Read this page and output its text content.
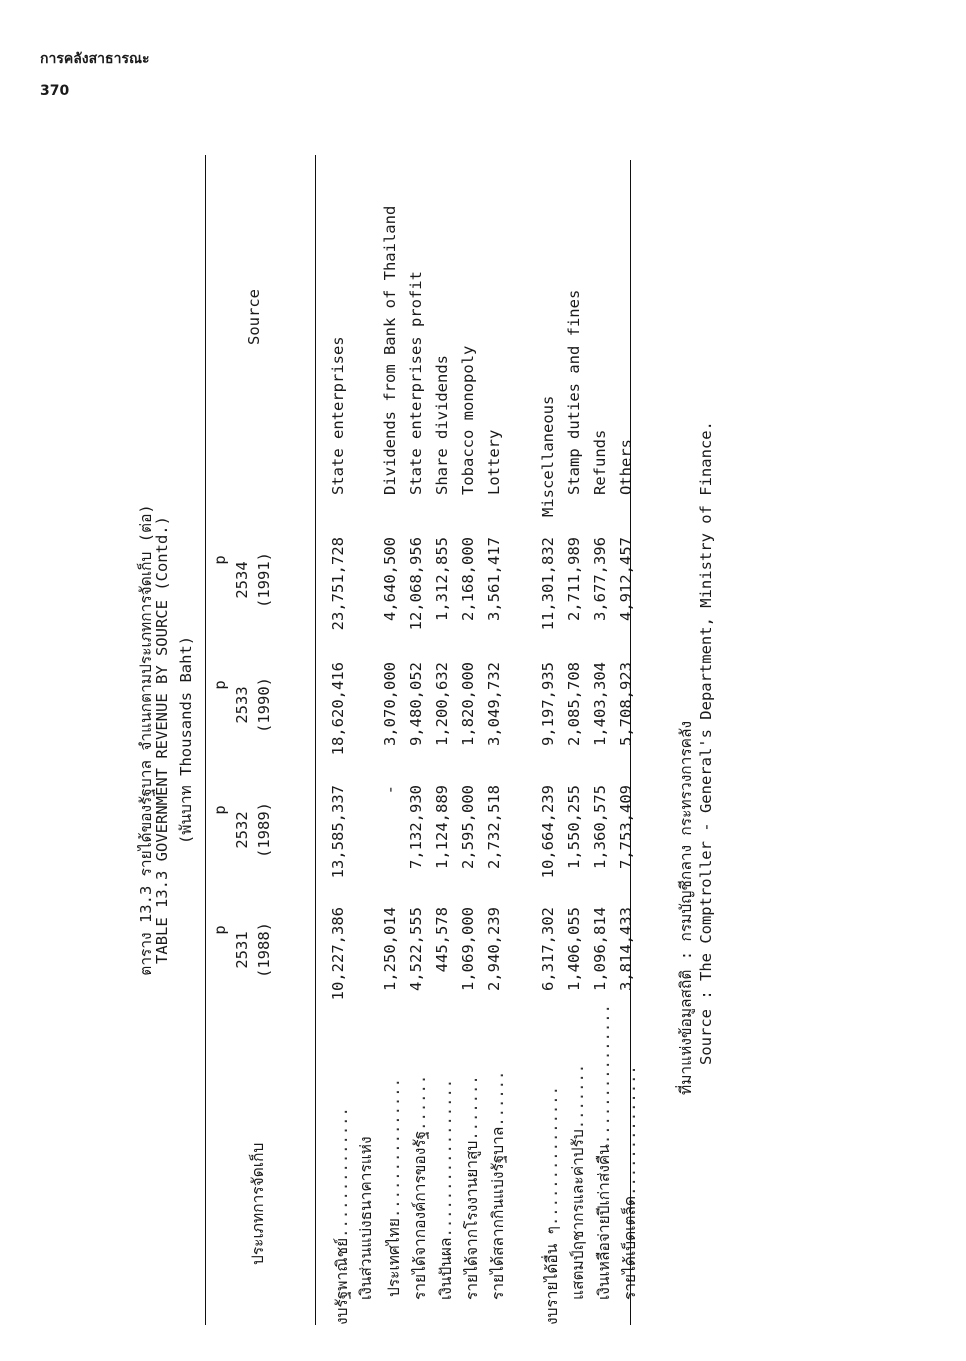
การคลังสาธารณะ
370
ตาราง 13.3 รายได้ของรัฐบาล จำแนกตามประเภทการจัดเก็บ (ต่อ)
TABLE 13.3 GOVERNMENT REVENUE BY SOURCE (Contd.) (พันบาท Thousands Baht)
ประเภทการจัดเก็บ
Source
p
2531 (1988)
p
2532 (1989)
p
2533 (1990)
p
2534 (1991)
งบรัฐพาณิชย์..............
10,227,386
13,585,337
18,620,416
23,751,728
State enterprises
เงินส่วนแบ่งธนาคารแห่ง ประเทศไทย...............
1,250,014
-
3,070,000
4,640,500
Dividends from Bank of Thailand
รายได้จากองค์การของรัฐ......
4,522,555
7,132,930
9,480,052
12,068,956
State enterprises profit
เงินปันผล.................
445,578
1,124,889
1,200,632
1,312,855
Share dividends
รายได้จากโรงงานยาสูบ.......
1,069,000
2,595,000
1,820,000
2,168,000
Tobacco monopoly
รายได้สลากกินแบ่งรัฐบาล......
2,940,239
2,732,518
3,049,732
3,561,417
Lottery
งบรายได้อื่น ๆ...............
6,317,302
10,664,239
9,197,935
11,301,832
Miscellaneous
แสตมป์ฤชากรและค่าปรับ.......
1,406,055
1,550,255
2,085,708
2,711,989
Stamp duties and fines
เงินเหลือจ่ายปีเก่าส่งคืน...............
1,096,814
1,360,575
1,403,304
3,677,396
Refunds
รายได้เบ็ดเตล็ด..............
3,814,433
7,753,409
5,708,923
4,912,457
Others
ที่มาแห่งข้อมูลสถิติ : กรมบัญชีกลาง กระทรวงการคลัง Source : The Comptroller - General's Department, Ministry of Finance.
